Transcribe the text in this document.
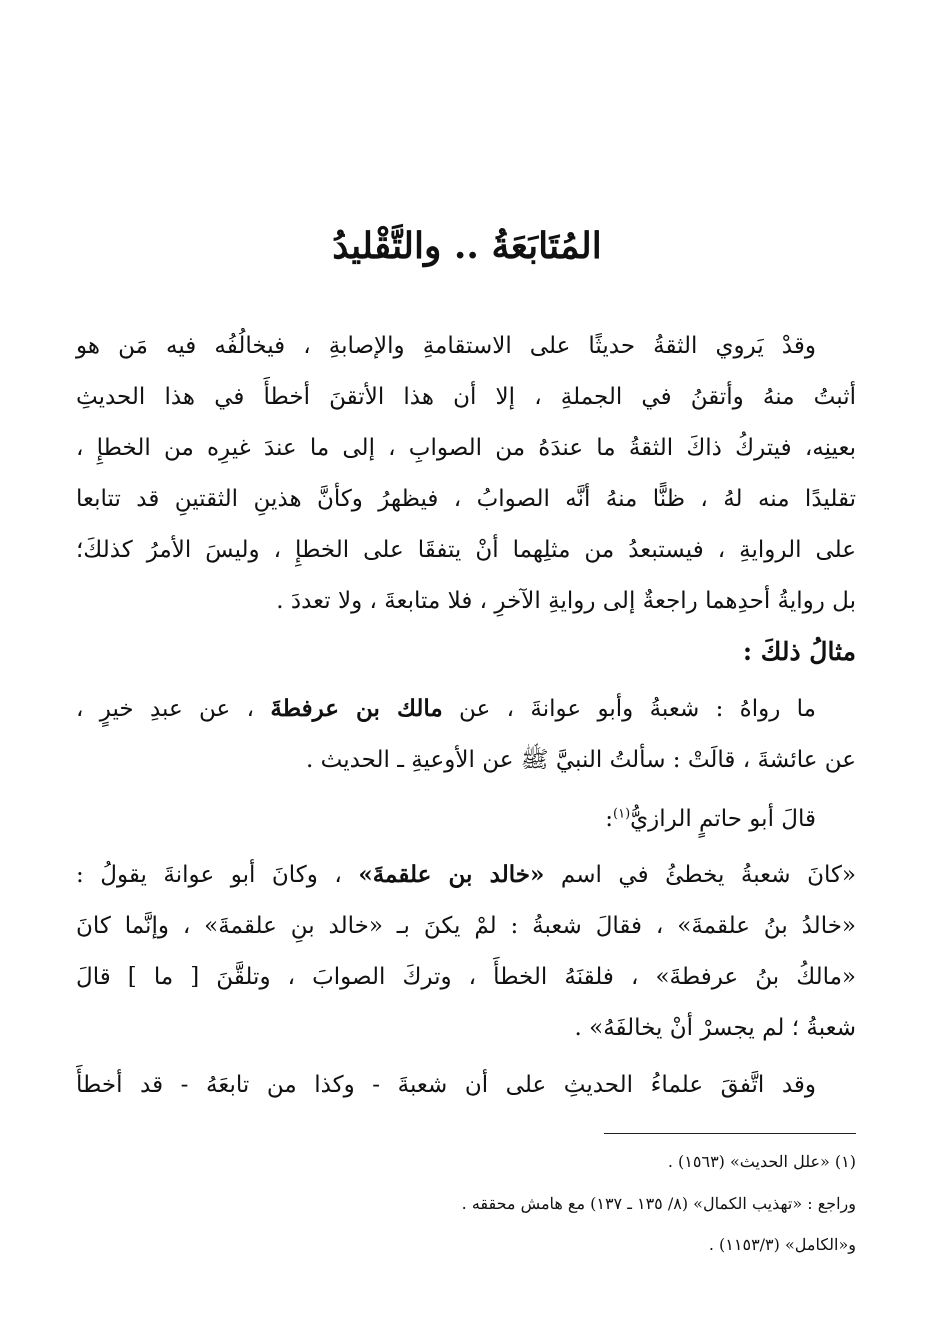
المُتَابَعَةُ .. والتَّقْليدُ
وقدْ يَروي الثقةُ حديثًا على الاستقامةِ والإصابةِ ، فيخالُفُه فيه مَن هو
أثبتُ منهُ وأتقنُ في الجملةِ ، إلا أن هذا الأتقنَ أخطأَ في هذا الحديثِ
بعينِه، فيتركُ ذاكَ الثقةُ ما عندَهُ من الصوابِ ، إلى ما عندَ غيرِه من الخطإِ ،
تقليدًا منه لهُ ، ظنًّا منهُ أنَّه الصوابُ ، فيظهرُ وكأنَّ هذينِ الثقتينِ قد تتابعا
على الروايةِ ، فيستبعدُ من مثلِهما أنْ يتفقَا على الخطإِ ، وليسَ الأمرُ كذلكَ؛
بل روايةُ أحدِهما راجعةٌ إلى روايةِ الآخرِ ، فلا متابعةَ ، ولا تعددَ .
مثالُ ذلكَ :
ما رواهُ : شعبةُ وأبو عوانةَ ، عن مالك بن عرفطةَ ، عن عبدِ خيرٍ ،
عن عائشةَ ، قالَتْ : سألتُ النبيَّ ﷺ عن الأوعيةِ ـ الحديث .
قالَ أبو حاتمٍ الرازيُّ$^{(١)}$:
«كانَ شعبةُ يخطئُ في اسم «خالد بن علقمةَ» ، وكانَ أبو عوانةَ يقولُ :
«خالدُ بنُ علقمةَ» ، فقالَ شعبةُ : لمْ يكنَ بـ «خالد بنِ علقمةَ» ، وإنَّما كانَ
«مالكُ بنُ عرفطةَ» ، فلقنَهُ الخطأَ ، وتركَ الصوابَ ، وتلقَّنَ [ ما ] قالَ
شعبةُ ؛ لم يجسرْ أنْ يخالفَهُ» .
وقد اتَّفقَ علماءُ الحديثِ على أن شعبةَ - وكذا من تابعَهُ - قد أخطأَ
(١) «علل الحديث» (١٥٦٣) .
وراجع : «تهذيب الكمال» (٨/ ١٣٥ ـ ١٣٧) مع هامش محققه .
و«الكامل» (١١٥٣/٣) .
